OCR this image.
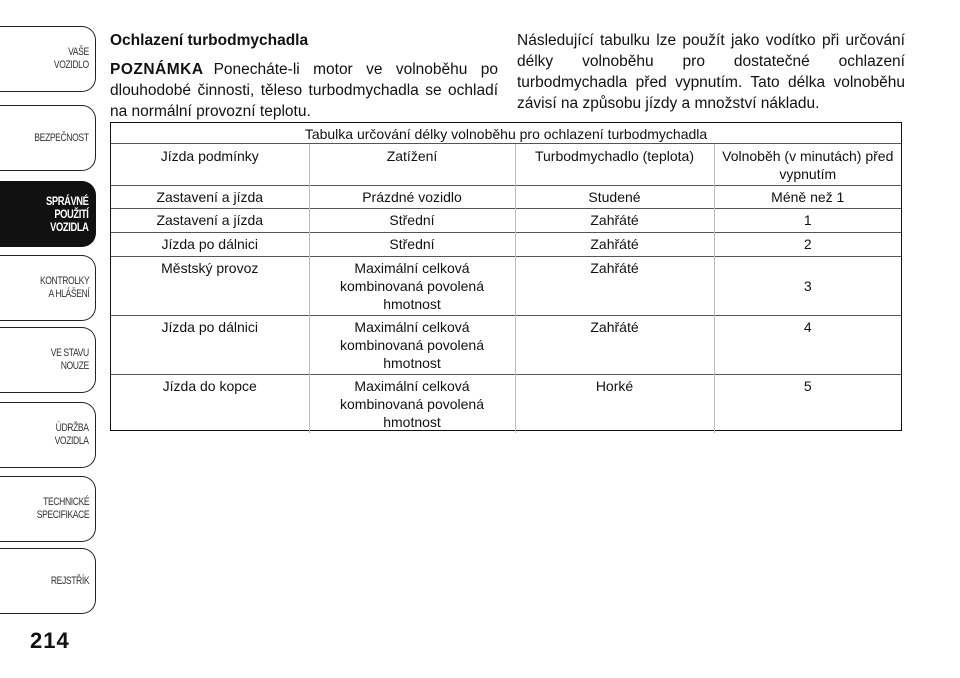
VAŠE
VOZIDLO
BEZPEČNOST
SPRÁVNÉ
POUŽITÍ
VOZIDLA
KONTROLKY
A HLÁŠENÍ
VE STAVU
NOUZE
ÚDRŽBA
VOZIDLA
TECHNICKÉ
SPECIFIKACE
REJSTŘÍK
214
Ochlazení turbodmychadla

POZNÁMKA Ponecháte-li motor ve volnoběhu po dlouhodobé činnosti, těleso turbodmychadla se ochladí na normální provozní teplotu.

Následující tabulku lze použít jako vodítko při určování délky volnoběhu pro dostatečné ochlazení turbodmychadla před vypnutím. Tato délka volnoběhu závisí na způsobu jízdy a množství nákladu.

Tabulka určování délky volnoběhu pro ochlazení turbodmychadla
Jízda podmínky	Zatížení	Turbodmychadlo (teplota)	Volnoběh (v minutách) před vypnutím
Zastavení a jízda	Prázdné vozidlo	Studené	Méně než 1
Zastavení a jízda	Střední	Zahřáté	1
Jízda po dálnici	Střední	Zahřáté	2
Městský provoz	Maximální celková kombinovaná povolená hmotnost	Zahřáté	3
Jízda po dálnici	Maximální celková kombinovaná povolená hmotnost	Zahřáté	4
Jízda do kopce	Maximální celková kombinovaná povolená hmotnost	Horké	5
